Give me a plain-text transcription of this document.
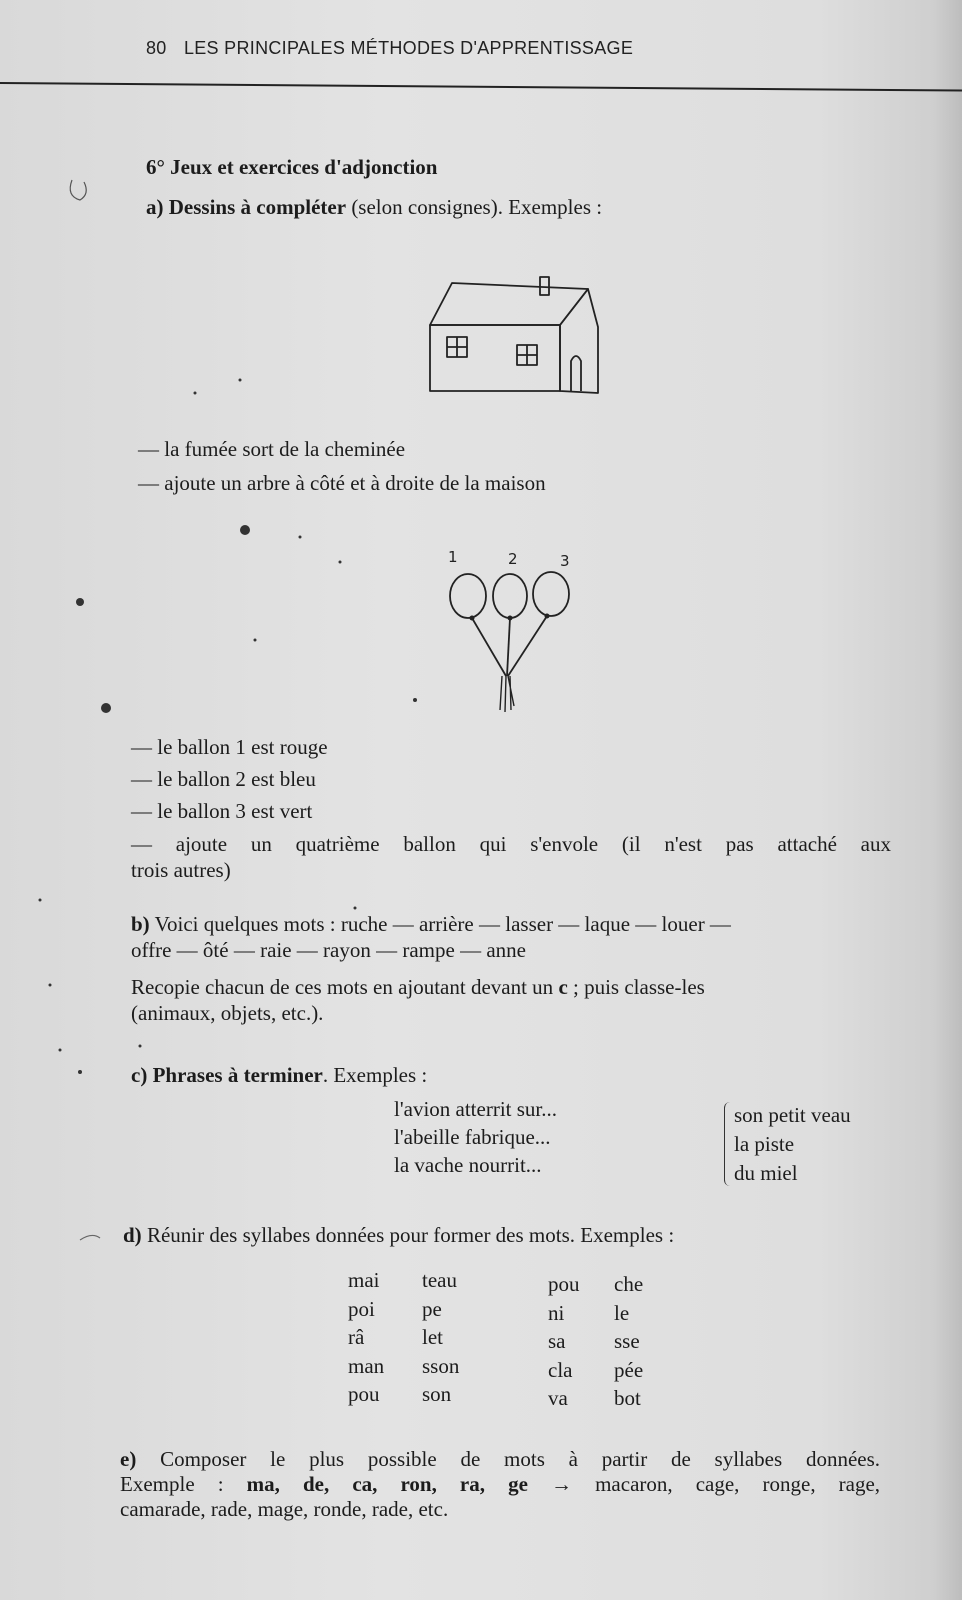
80 LES PRINCIPALES MÉTHODES D'APPRENTISSAGE
6° Jeux et exercices d'adjonction
a) Dessins à compléter (selon consignes). Exemples :
— la fumée sort de la cheminée
— ajoute un arbre à côté et à droite de la maison
1	2	3
— le ballon 1 est rouge
— le ballon 2 est bleu
— le ballon 3 est vert
— ajoute un quatrième ballon qui s'envole (il n'est pas attaché aux
trois autres)
b) Voici quelques mots : ruche — arrière — lasser — laque — louer —
offre — ôté — raie — rayon — rampe — anne
Recopie chacun de ces mots en ajoutant devant un c ; puis classe-les
(animaux, objets, etc.).
c) Phrases à terminer. Exemples :
l'avion atterrit sur...
l'abeille fabrique...
la vache nourrit...
son petit veau
la piste
du miel
d) Réunir des syllabes données pour former des mots. Exemples :
mai
poi
râ
man
pou
teau
pe
let
sson
son
pou
ni
sa
cla
va
che
le
sse
pée
bot
e) Composer le plus possible de mots à partir de syllabes données.
Exemple : ma, de, ca, ron, ra, ge → macaron, cage, ronge, rage,
camarade, rade, mage, ronde, rade, etc.
